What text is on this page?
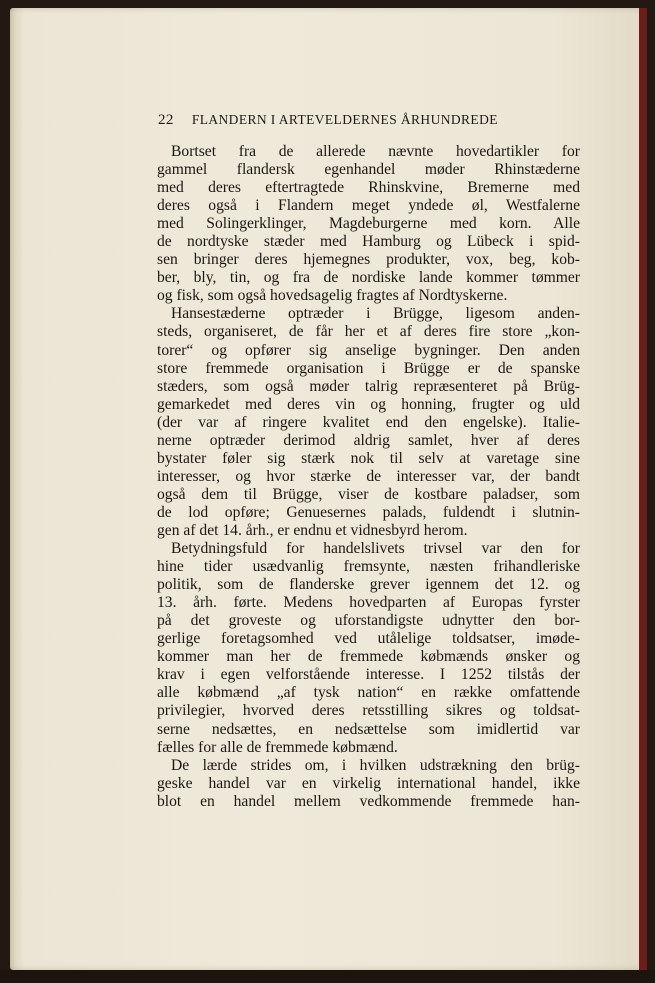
22 FLANDERN I ARTEVELDERNES ÅRHUNDREDE
Bortset fra de allerede nævnte hovedartikler for
gammel flandersk egenhandel møder Rhinstæderne
med deres eftertragtede Rhinskvine, Bremerne med
deres også i Flandern meget yndede øl, Westfalerne
med Solingerklinger, Magdeburgerne med korn. Alle
de nordtyske stæder med Hamburg og Lübeck i spid-
sen bringer deres hjemegnes produkter, vox, beg, kob-
ber, bly, tin, og fra de nordiske lande kommer tømmer
og fisk, som også hovedsagelig fragtes af Nordtyskerne.
Hansestæderne optræder i Brügge, ligesom anden-
steds, organiseret, de får her et af deres fire store „kon-
torer“ og opfører sig anselige bygninger. Den anden
store fremmede organisation i Brügge er de spanske
stæders, som også møder talrig repræsenteret på Brüg-
gemarkedet med deres vin og honning, frugter og uld
(der var af ringere kvalitet end den engelske). Italie-
nerne optræder derimod aldrig samlet, hver af deres
bystater føler sig stærk nok til selv at varetage sine
interesser, og hvor stærke de interesser var, der bandt
også dem til Brügge, viser de kostbare paladser, som
de lod opføre; Genuesernes palads, fuldendt i slutnin-
gen af det 14. årh., er endnu et vidnesbyrd herom.
Betydningsfuld for handelslivets trivsel var den for
hine tider usædvanlig fremsynte, næsten frihandleriske
politik, som de flanderske grever igennem det 12. og
13. årh. førte. Medens hovedparten af Europas fyrster
på det groveste og uforstandigste udnytter den bor-
gerlige foretagsomhed ved utålelige toldsatser, imøde-
kommer man her de fremmede købmænds ønsker og
krav i egen velforstående interesse. I 1252 tilstås der
alle købmænd „af tysk nation“ en række omfattende
privilegier, hvorved deres retsstilling sikres og toldsat-
serne nedsættes, en nedsættelse som imidlertid var
fælles for alle de fremmede købmænd.
De lærde strides om, i hvilken udstrækning den brüg-
geske handel var en virkelig international handel, ikke
blot en handel mellem vedkommende fremmede han-
